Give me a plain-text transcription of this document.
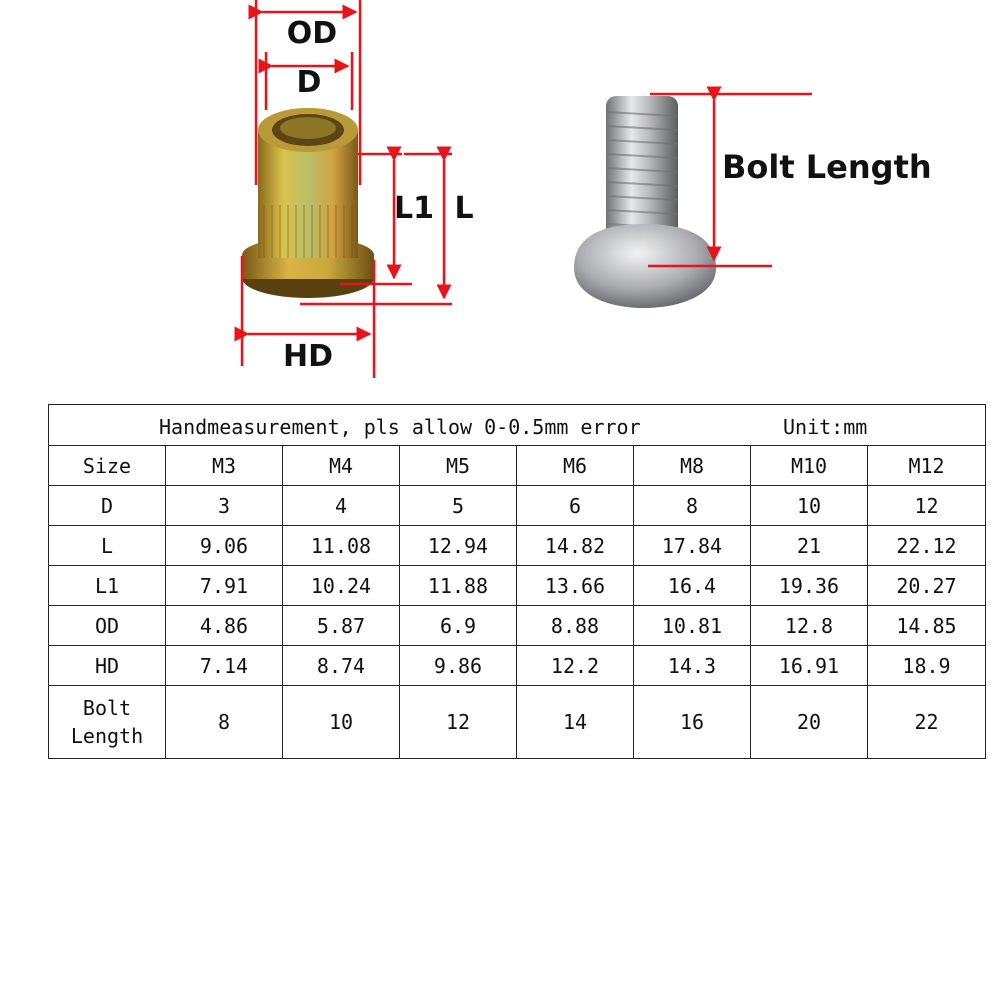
OD
D
L1 L
HD
Bolt Length
Handmeasurement, pls allow 0-0.5mm error Unit:mm							

Size	M3	M4	M5	M6	M8	M10	M12
D	3	4	5	6	8	10	12
L	9.06	11.08	12.94	14.82	17.84	21	22.12
L1	7.91	10.24	11.88	13.66	16.4	19.36	20.27
OD	4.86	5.87	6.9	8.88	10.81	12.8	14.85
HD	7.14	8.74	9.86	12.2	14.3	16.91	18.9

Bolt
Length	8	10	12	14	16	20	22
